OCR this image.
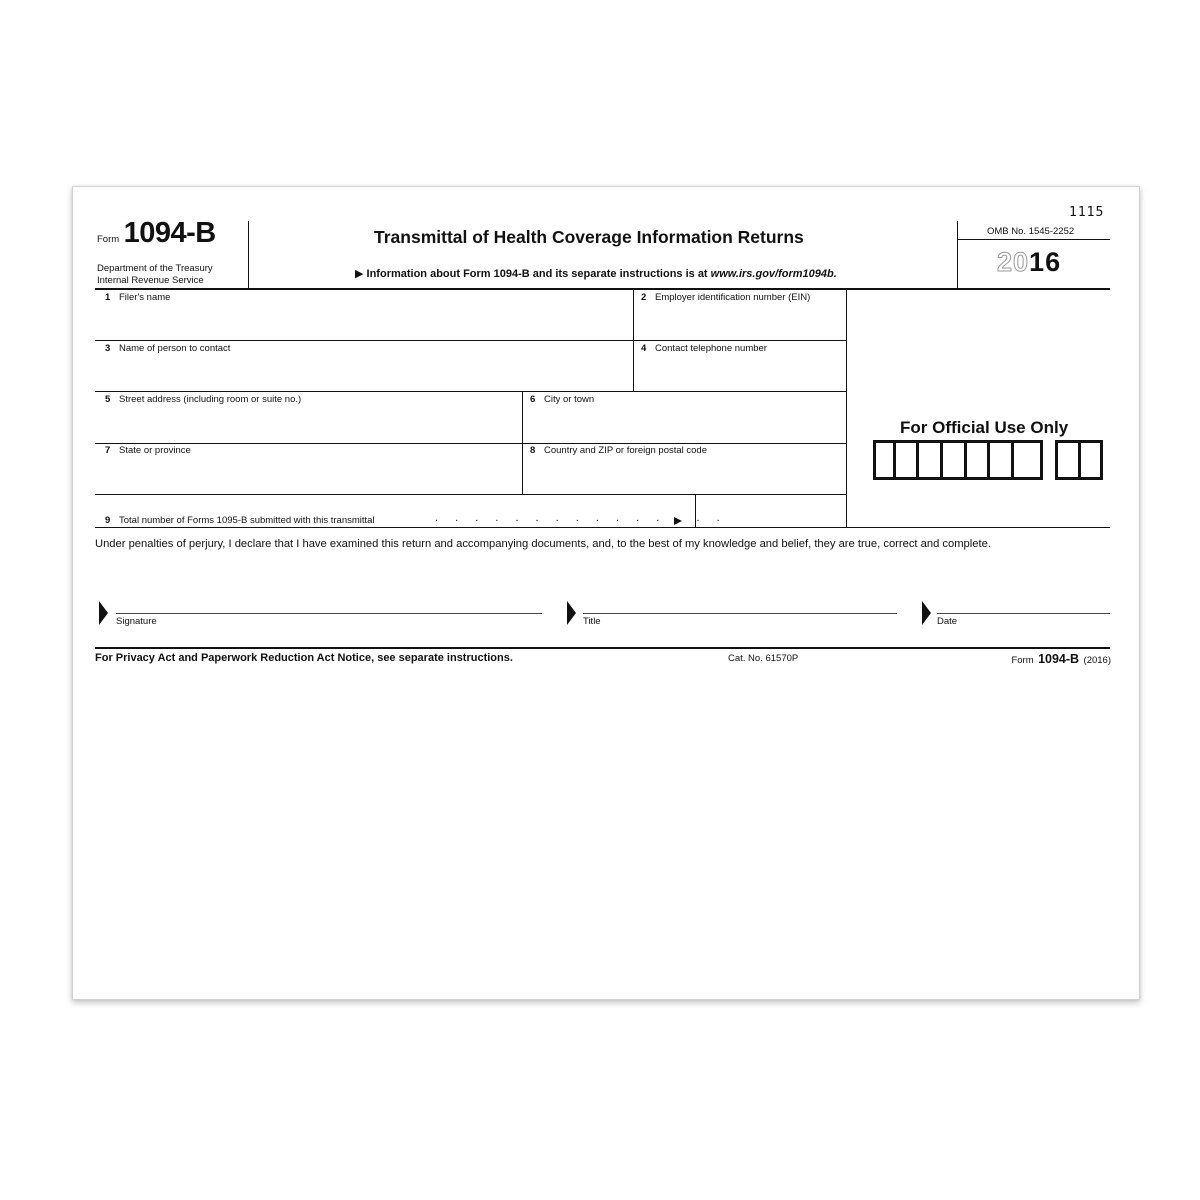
Form 1094-B
Department of the Treasury
Internal Revenue Service
Transmittal of Health Coverage Information Returns
▶ Information about Form 1094-B and its separate instructions is at www.irs.gov/form1094b.
1115
OMB No. 1545-2252
2016
1 Filer's name	2 Employer identification number (EIN)
3 Name of person to contact	4 Contact telephone number
5 Street address (including room or suite no.)	6 City or town
7 State or province	8 Country and ZIP or foreign postal code
9 Total number of Forms 1095-B submitted with this transmittal	. . . . . . . . . . . . . . .
For Official Use Only
Under penalties of perjury, I declare that I have examined this return and accompanying documents, and, to the best of my knowledge and belief, they are true, correct and complete.
Signature	Title	Date
For Privacy Act and Paperwork Reduction Act Notice, see separate instructions.	Cat. No. 61570P	Form 1094-B (2016)
